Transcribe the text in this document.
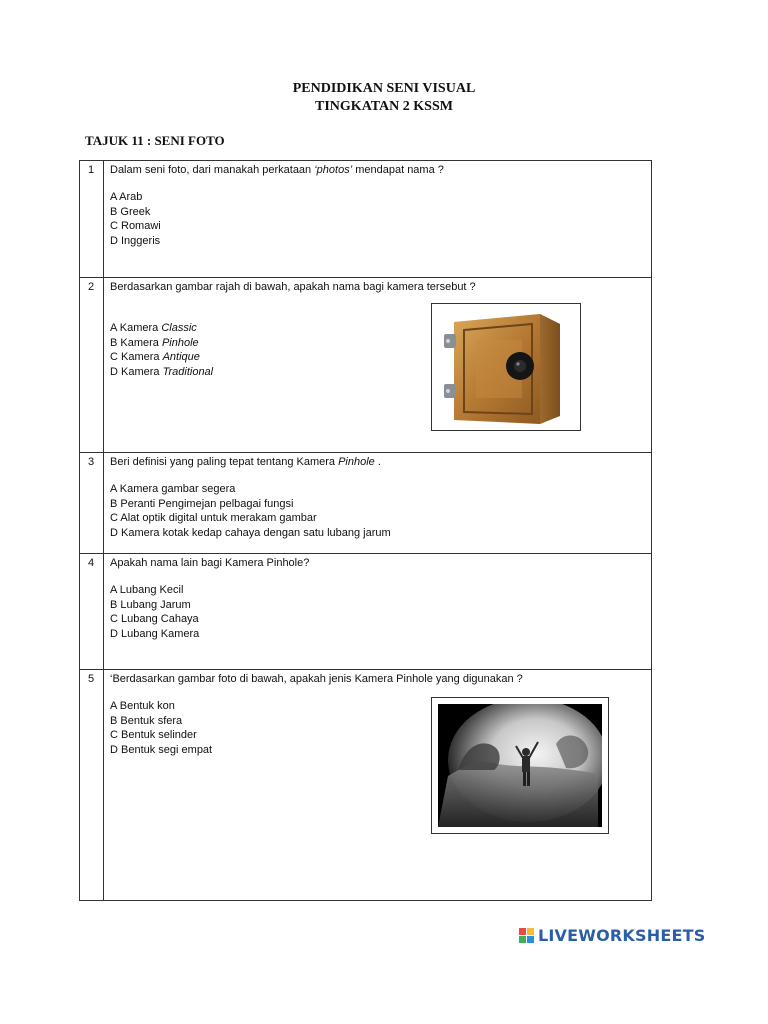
PENDIDIKAN SENI VISUAL
TINGKATAN 2 KSSM
TAJUK 11 : SENI FOTO
1 Dalam seni foto, dari manakah perkataan ‘photos’ mendapat nama ?
A Arab
B Greek
C Romawi
D Inggeris
2 Berdasarkan gambar rajah di bawah, apakah nama bagi kamera tersebut ?
A Kamera Classic
B Kamera Pinhole
C Kamera Antique
D Kamera Traditional
3 Beri definisi yang paling tepat tentang Kamera Pinhole .
A Kamera gambar segera
B Peranti Pengimejan pelbagai fungsi
C Alat optik digital untuk merakam gambar
D Kamera kotak kedap cahaya dengan satu lubang jarum
4 Apakah nama lain bagi Kamera Pinhole?
A Lubang Kecil
B Lubang Jarum
C Lubang Cahaya
D Lubang Kamera
5 ‘Berdasarkan gambar foto di bawah, apakah jenis Kamera Pinhole yang digunakan ?
A Bentuk kon
B Bentuk sfera
C Bentuk selinder
D Bentuk segi empat
LIVEWORKSHEETS
